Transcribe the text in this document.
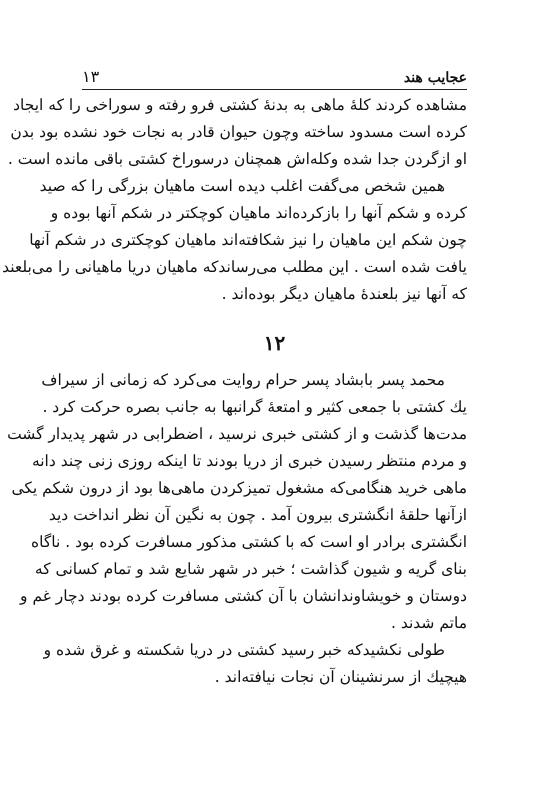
عجایب هند
١٣
مشاهده کردند کلهٔ ماهی به بدنهٔ کشتی فرو رفته و سوراخی را که ایجاد
کرده است مسدود ساخته وچون حیوان قادر به نجات خود نشده بود بدن
او ازگردن جدا شده وکله‌اش همچنان درسوراخ کشتی باقی مانده است .
همین شخص می‌گفت اغلب دیده است ماهیان بزرگی را که صید
کرده و شکم آنها را بازکرده‌اند ماهیان کوچکتر در شکم آنها بوده و
چون شکم این ماهیان را نیز شکافته‌اند ماهیان کوچکتری در شکم آنها
یافت شده است . این مطلب می‌رساندکه ماهیان دریا ماهیانی را می‌بلعند
که آنها نیز بلعندهٔ ماهیان دیگر بوده‌اند .
١٢
محمد پسر بابشاد پسر حرام روایت می‌کرد که زمانی از سیراف
یك کشتی با جمعی کثیر و امتعهٔ گرانبها به جانب بصره حرکت کرد .
مدت‌ها گذشت و از کشتی خبری نرسید ، اضطرابی در شهر پدیدار گشت
و مردم منتظر رسیدن خبری از دریا بودند تا اینکه روزی زنی چند دانه
ماهی خرید هنگامی‌که مشغول تمیزکردن ماهی‌ها بود از درون شکم یکی
ازآنها حلقهٔ انگشتری بیرون آمد . چون به نگین آن نظر انداخت دید
انگشتری برادر او است که با کشتی مذکور مسافرت کرده بود . ناگاه
بنای گریه و شیون گذاشت ؛ خبر در شهر شایع شد و تمام کسانی که
دوستان و خویشاوندانشان با آن کشتی مسافرت کرده بودند دچار غم و
ماتم شدند .
طولی نکشیدکه خبر رسید کشتی در دریا شکسته و غرق شده و
هیچیك از سرنشینان آن نجات نیافته‌اند .
